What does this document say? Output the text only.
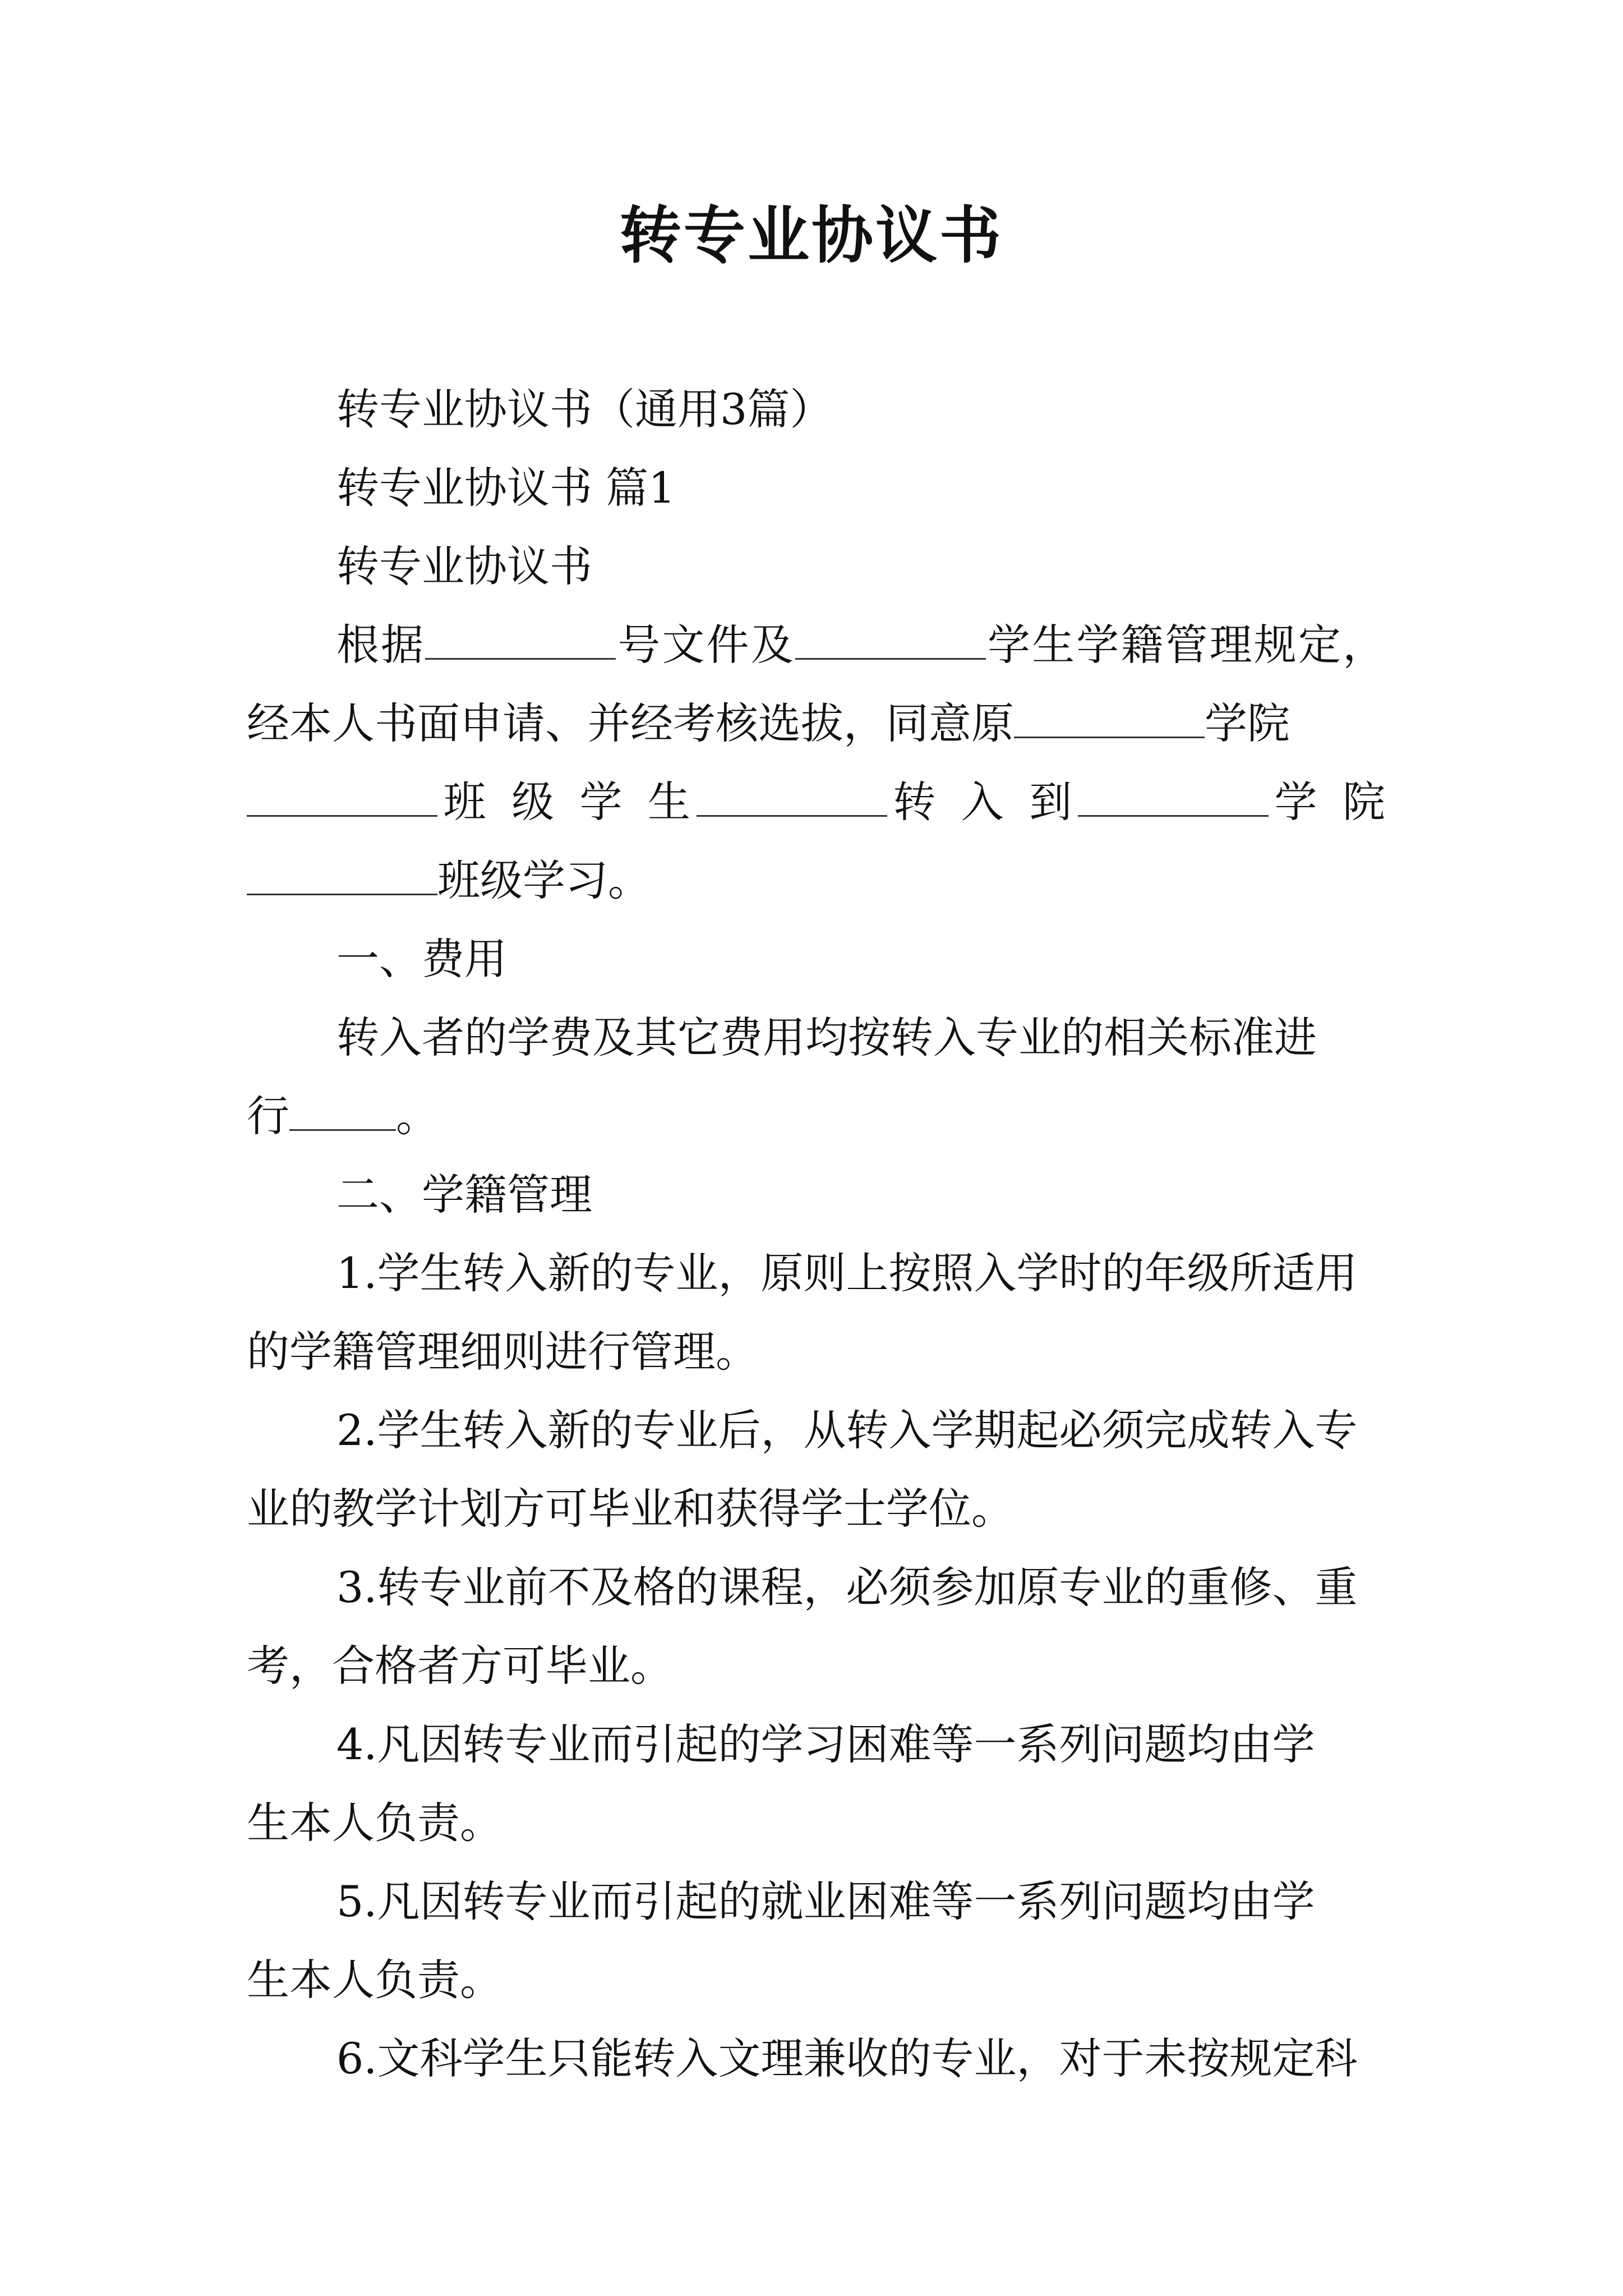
转专业协议书
转专业协议书（通用3篇）
转专业协议书 篇1
转专业协议书
根据	号文件及	学生学籍管理规定，
经本人书面申请、并经考核选拔，同意原	学院
班 级 学 生	转 入 到	学 院
班级学习。
一、费用
转入者的学费及其它费用均按转入专业的相关标准进
行	。
二、学籍管理
1.学生转入新的专业，原则上按照入学时的年级所适用
的学籍管理细则进行管理。
2.学生转入新的专业后，从转入学期起必须完成转入专
业的教学计划方可毕业和获得学士学位。
3.转专业前不及格的课程，必须参加原专业的重修、重
考，合格者方可毕业。
4.凡因转专业而引起的学习困难等一系列问题均由学
生本人负责。
5.凡因转专业而引起的就业困难等一系列问题均由学
生本人负责。
6.文科学生只能转入文理兼收的专业，对于未按规定科
